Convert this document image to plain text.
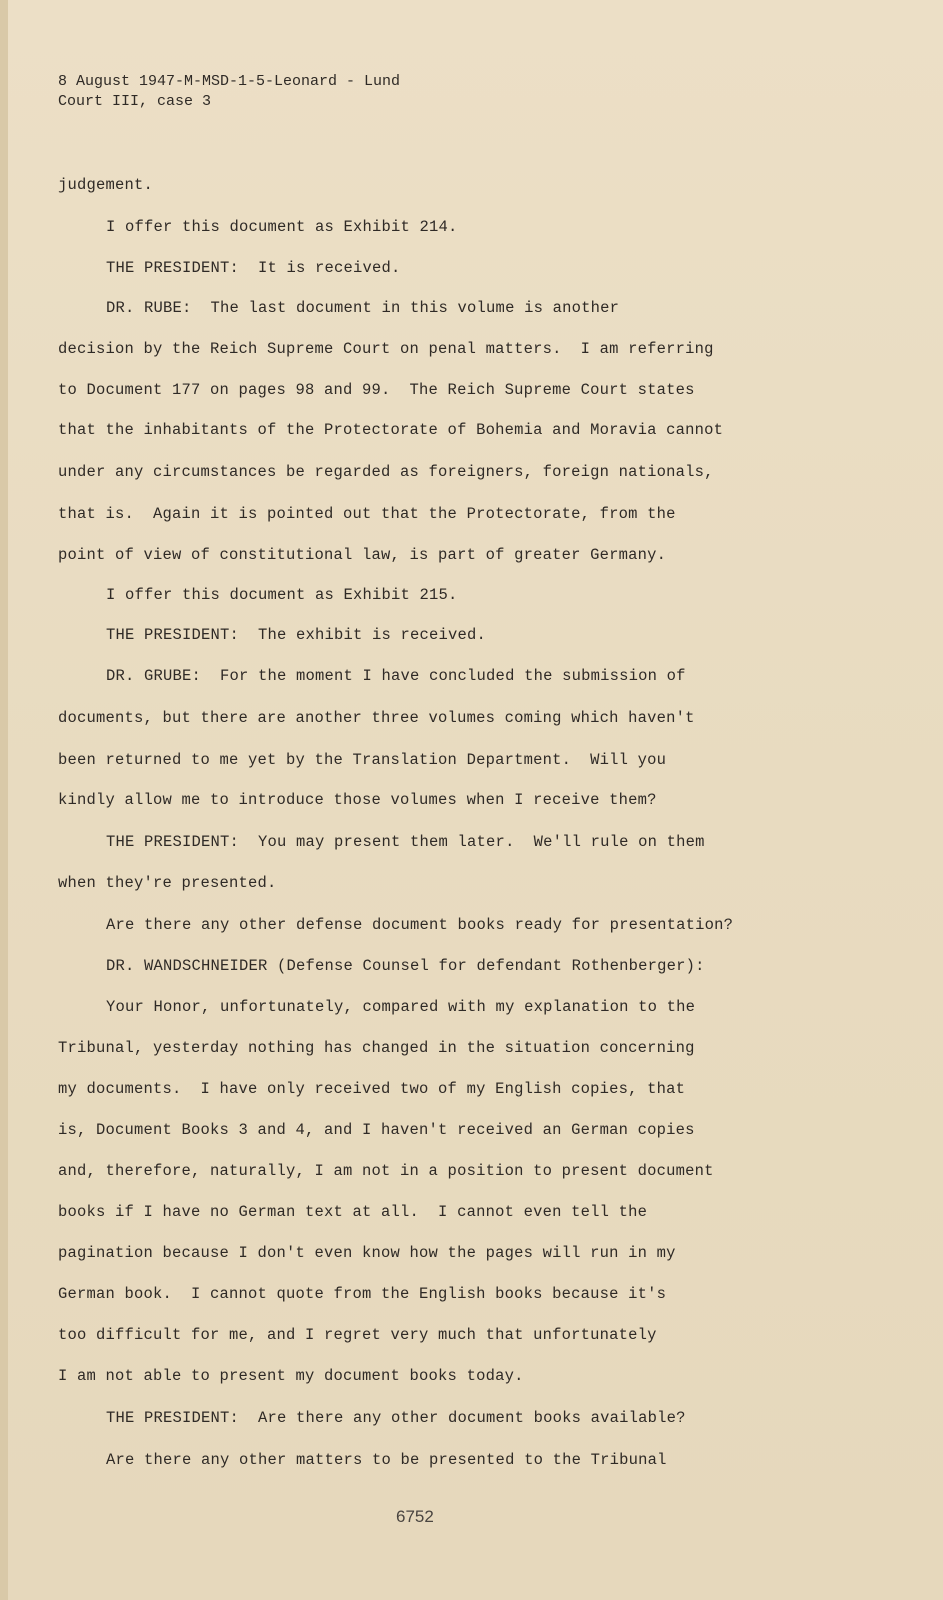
8 August 1947-M-MSD-1-5-Leonard - Lund
Court III, case 3
judgement.
I offer this document as Exhibit 214.
THE PRESIDENT:  It is received.
DR. RUBE:  The last document in this volume is another
decision by the Reich Supreme Court on penal matters.  I am referring
to Document 177 on pages 98 and 99.  The Reich Supreme Court states
that the inhabitants of the Protectorate of Bohemia and Moravia cannot
under any circumstances be regarded as foreigners, foreign nationals,
that is.  Again it is pointed out that the Protectorate, from the
point of view of constitutional law, is part of greater Germany.
I offer this document as Exhibit 215.
THE PRESIDENT:  The exhibit is received.
DR. GRUBE:  For the moment I have concluded the submission of
documents, but there are another three volumes coming which haven't
been returned to me yet by the Translation Department.  Will you
kindly allow me to introduce those volumes when I receive them?
THE PRESIDENT:  You may present them later.  We'll rule on them
when they're presented.
Are there any other defense document books ready for presentation?
DR. WANDSCHNEIDER (Defense Counsel for defendant Rothenberger):
Your Honor, unfortunately, compared with my explanation to the
Tribunal, yesterday nothing has changed in the situation concerning
my documents.  I have only received two of my English copies, that
is, Document Books 3 and 4, and I haven't received an German copies
and, therefore, naturally, I am not in a position to present document
books if I have no German text at all.  I cannot even tell the
pagination because I don't even know how the pages will run in my
German book.  I cannot quote from the English books because it's
too difficult for me, and I regret very much that unfortunately
I am not able to present my document books today.
THE PRESIDENT:  Are there any other document books available?
Are there any other matters to be presented to the Tribunal
6752
